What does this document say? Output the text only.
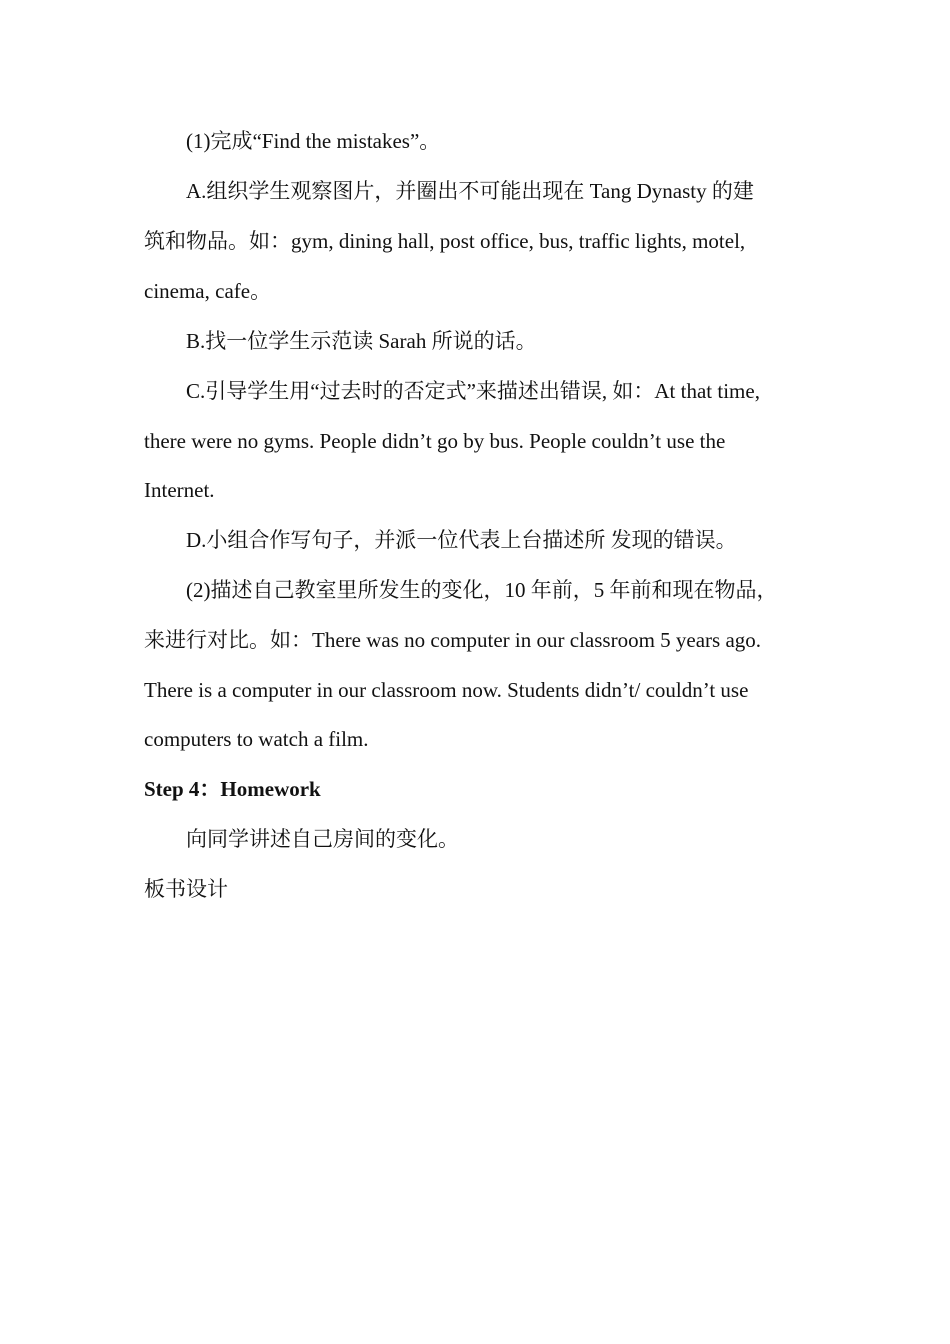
(1)完成“Find the mistakes”。
A.组织学生观察图片，并圈出不可能出现在 Tang Dynasty 的建
筑和物品。如：gym, dining hall, post office, bus, traffic lights, motel,
cinema, cafe。
B.找一位学生示范读 Sarah 所说的话。
C.引导学生用“过去时的否定式”来描述出错误, 如：At that time,
there were no gyms. People didn’t go by bus. People couldn’t use the
Internet.
D.小组合作写句子，并派一位代表上台描述所 发现的错误。
(2)描述自己教室里所发生的变化，10 年前，5 年前和现在物品，
来进行对比。如：There was no computer in our classroom 5 years ago.
There is a computer in our classroom now. Students didn’t/ couldn’t use
computers to watch a film.
Step 4：Homework
向同学讲述自己房间的变化。
板书设计
